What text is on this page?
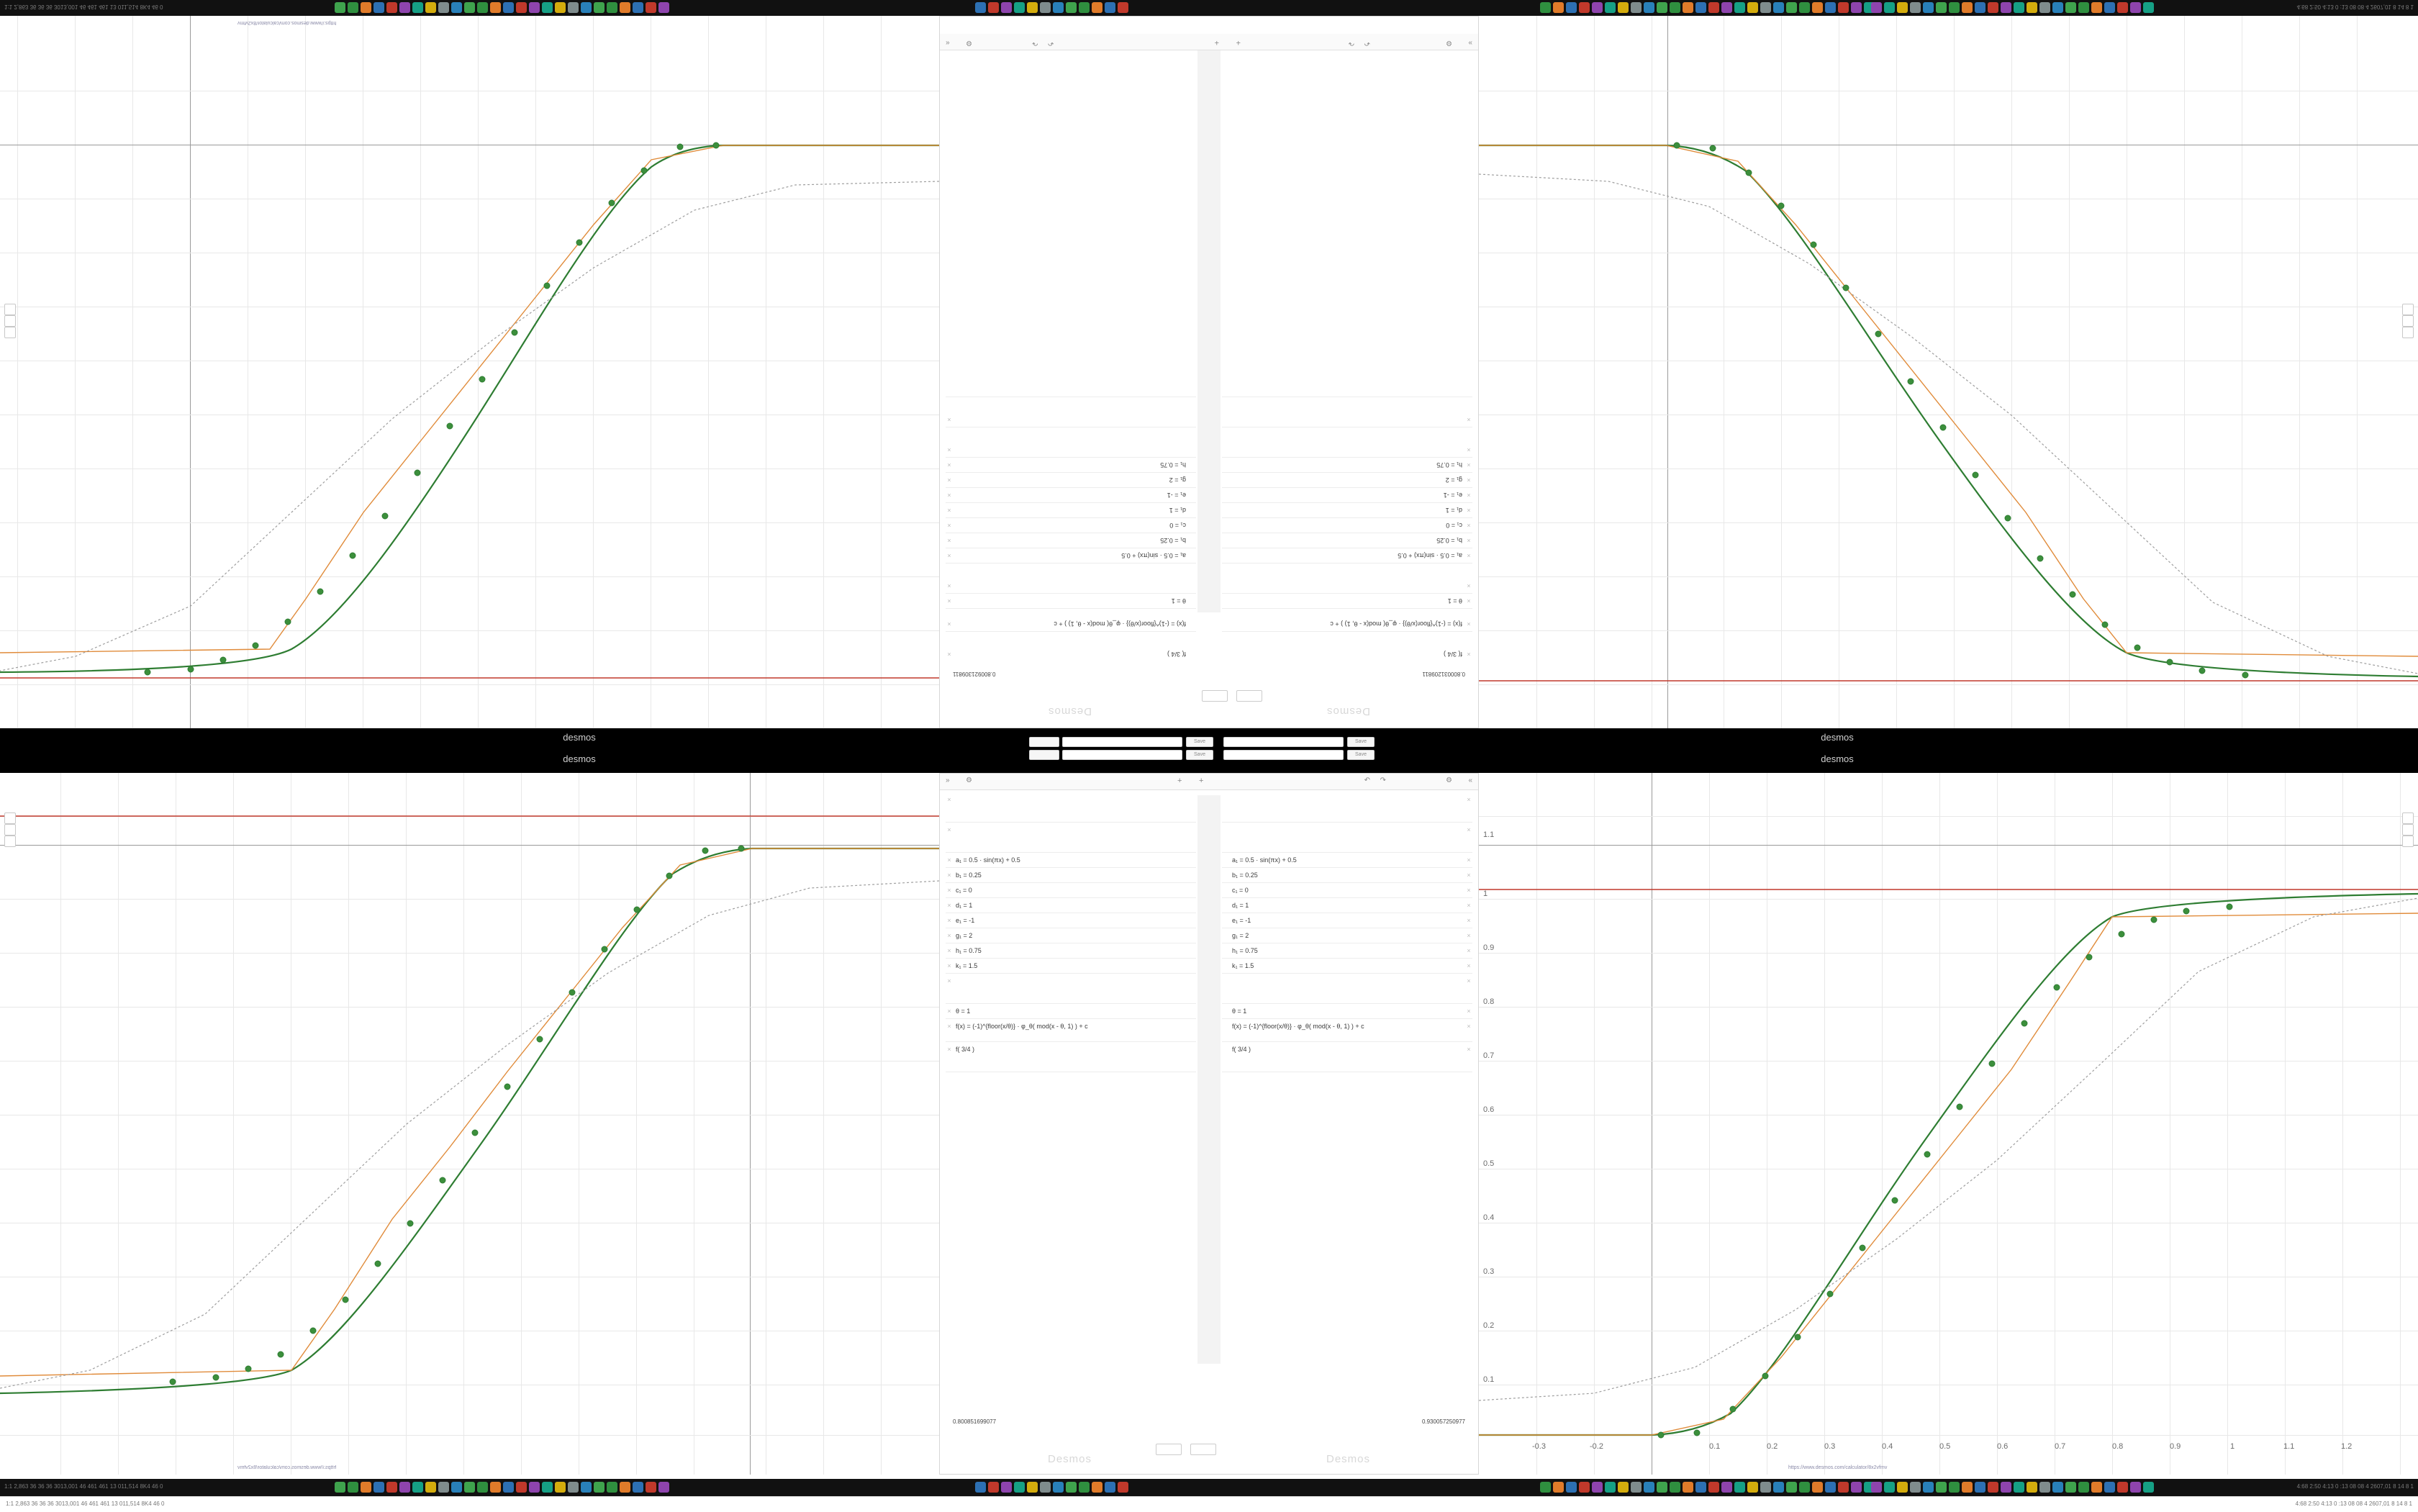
1:1 2,863 36 36 36 3013,001 46 461 461 13 011,514 8K4 46 0	4:68 2:50 4:13 0 :13 08 08 4 2607,01 8 14 8 1
https://www.desmos.com/calculator/8x2vfmv
https://www.desmos.com/calculator/8x2vfmv
1.1
1
0.9
0.8
0.7
0.6
0.5
0.4
0.3
0.2
0.1
-0.3	-0.2	0.1	0.2	0.3	0.4	0.5	0.6	0.7	0.8	0.9	1	1.1	1.2
https://www.desmos.com/calculator/8x2vfmv
Desmos
Desmos
0.800031209811
0.800921309811
×
f( 3/4 )
×
f(x) = (-1)^{floor(x/θ)} · φ_θ( mod(x - θ, 1) ) + c
×
θ = 1
×
×
a₁ = 0.5 · sin(πx) + 0.5
×
b₁ = 0.25
×
c₁ = 0
×
d₁ = 1
×
e₁ = -1
×
g₁ = 2
×
h₁ = 0.75
×
×
×	f( 3/4 )
×	f(x) = (-1)^{floor(x/θ)} · φ_θ( mod(x - θ, 1) ) + c
×	θ = 1
×
×	a₁ = 0.5 · sin(πx) + 0.5
×	b₁ = 0.25
×	c₁ = 0
×	d₁ = 1
×	e₁ = -1
×	g₁ = 2
×	h₁ = 0.75
×
×
»
⚙
↶
↷
+
+
↶
↷
⚙
«
desmos	desmos
desmos	desmos
Save
Save
Save
Save
» ⚙	+ +	↶ ↷	⚙ «
×
×
× a₁ = 0.5 · sin(πx) + 0.5
× b₁ = 0.25
× c₁ = 0
× d₁ = 1
× e₁ = -1
× g₁ = 2
× h₁ = 0.75
× k₁ = 1.5
×
× θ = 1
× f(x) = (-1)^{floor(x/θ)} · φ_θ( mod(x - θ, 1) ) + c
× f( 3/4 )
×
×
×
a₁ = 0.5 · sin(πx) + 0.5
×
b₁ = 0.25
×
c₁ = 0
×
d₁ = 1
×
e₁ = -1
×
g₁ = 2
×
h₁ = 0.75
×
k₁ = 1.5
×
×
θ = 1
×
f(x) = (-1)^{floor(x/θ)} · φ_θ( mod(x - θ, 1) ) + c
×
f( 3/4 )
0.800851699077	0.930057250977
Desmos	Desmos
1:1 2,863 36 36 36 3013,001 46 461 461 13 011,514 8K4 46 0	4:68 2:50 4:13 0 :13 08 08 4 2607,01 8 14 8 1
1:1 2,863 36 36 36 3013,001 46 461 461 13 011,514 8K4 46 0	4:68 2:50 4:13 0 :13 08 08 4 2607,01 8 14 8 1
